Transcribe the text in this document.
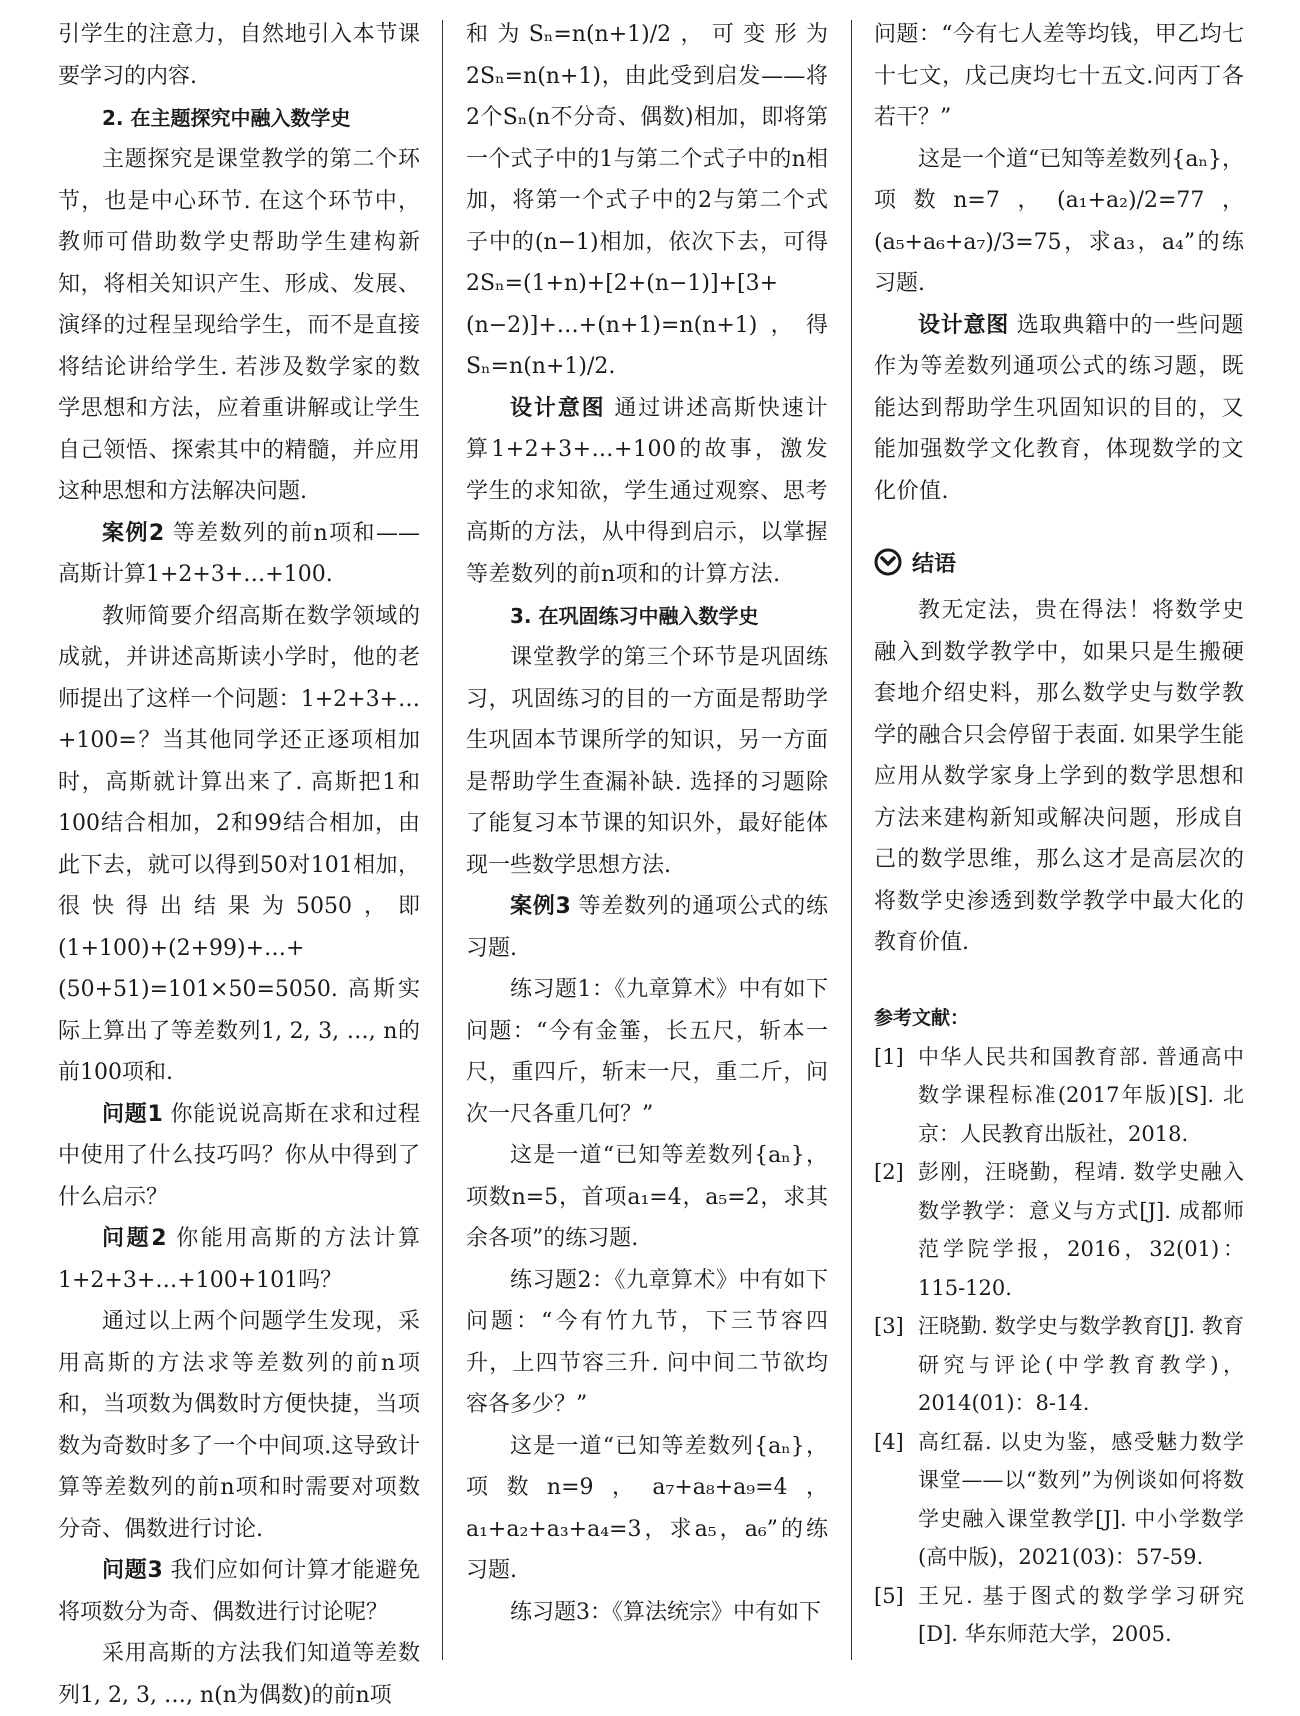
引学生的注意力，自然地引入本节课要学习的内容.

2. 在主题探究中融入数学史

主题探究是课堂教学的第二个环节，也是中心环节. 在这个环节中，教师可借助数学史帮助学生建构新知，将相关知识产生、形成、发展、演绎的过程呈现给学生，而不是直接将结论讲给学生. 若涉及数学家的数学思想和方法，应着重讲解或让学生自己领悟、探索其中的精髓，并应用这种思想和方法解决问题.

案例2 等差数列的前n项和——高斯计算1+2+3+…+100.

教师简要介绍高斯在数学领域的成就，并讲述高斯读小学时，他的老师提出了这样一个问题：1+2+3+…+100=？当其他同学还正逐项相加时，高斯就计算出来了. 高斯把1和100结合相加，2和99结合相加，由此下去，就可以得到50对101相加，很快得出结果为5050，即(1+100)+(2+99)+…+(50+51)=101×50=5050. 高斯实际上算出了等差数列1, 2, 3, …, n的前100项和.

问题1 你能说说高斯在求和过程中使用了什么技巧吗？你从中得到了什么启示？

问题2 你能用高斯的方法计算1+2+3+…+100+101吗？

通过以上两个问题学生发现，采用高斯的方法求等差数列的前n项和，当项数为偶数时方便快捷，当项数为奇数时多了一个中间项.这导致计算等差数列的前n项和时需要对项数分奇、偶数进行讨论.

问题3 我们应如何计算才能避免将项数分为奇、偶数进行讨论呢？

采用高斯的方法我们知道等差数列1, 2, 3, …, n(n为偶数)的前n项

和为Sₙ=n(n+1)/2，可变形为2Sₙ=n(n+1)，由此受到启发——将2个Sₙ(n不分奇、偶数)相加，即将第一个式子中的1与第二个式子中的n相加，将第一个式子中的2与第二个式子中的(n−1)相加，依次下去，可得2Sₙ=(1+n)+[2+(n−1)]+[3+(n−2)]+…+(n+1)=n(n+1)，得Sₙ=n(n+1)/2.

设计意图 通过讲述高斯快速计算1+2+3+…+100的故事，激发学生的求知欲，学生通过观察、思考高斯的方法，从中得到启示，以掌握等差数列的前n项和的计算方法.

3. 在巩固练习中融入数学史

课堂教学的第三个环节是巩固练习，巩固练习的目的一方面是帮助学生巩固本节课所学的知识，另一方面是帮助学生查漏补缺. 选择的习题除了能复习本节课的知识外，最好能体现一些数学思想方法.

案例3 等差数列的通项公式的练习题.

练习题1：《九章算术》中有如下问题：“今有金箠，长五尺，斩本一尺，重四斤，斩末一尺，重二斤，问次一尺各重几何？”

这是一道“已知等差数列{aₙ}，项数n=5，首项a₁=4，a₅=2，求其余各项”的练习题.

练习题2：《九章算术》中有如下问题：“今有竹九节，下三节容四升，上四节容三升. 问中间二节欲均容各多少？”

这是一道“已知等差数列{aₙ}，项数n=9，a₇+a₈+a₉=4，a₁+a₂+a₃+a₄=3，求a₅，a₆”的练习题.

练习题3：《算法统宗》中有如下

问题：“今有七人差等均钱，甲乙均七十七文，戊己庚均七十五文.问丙丁各若干？”

这是一个道“已知等差数列{aₙ}，项数n=7，(a₁+a₂)/2=77，(a₅+a₆+a₇)/3=75，求a₃，a₄”的练习题.

设计意图 选取典籍中的一些问题作为等差数列通项公式的练习题，既能达到帮助学生巩固知识的目的，又能加强数学文化教育，体现数学的文化价值.

结语

教无定法，贵在得法！将数学史融入到数学教学中，如果只是生搬硬套地介绍史料，那么数学史与数学教学的融合只会停留于表面. 如果学生能应用从数学家身上学到的数学思想和方法来建构新知或解决问题，形成自己的数学思维，那么这才是高层次的将数学史渗透到数学教学中最大化的教育价值.

参考文献：
[1] 中华人民共和国教育部. 普通高中数学课程标准(2017年版)[S]. 北京：人民教育出版社，2018.
[2] 彭刚，汪晓勤，程靖. 数学史融入数学教学：意义与方式[J]. 成都师范学院学报，2016，32(01)：115-120.
[3] 汪晓勤. 数学史与数学教育[J]. 教育研究与评论(中学教育教学)，2014(01)：8-14.
[4] 高红磊. 以史为鉴，感受魅力数学课堂——以“数列”为例谈如何将数学史融入课堂教学[J]. 中小学数学(高中版)，2021(03)：57-59.
[5] 王兄. 基于图式的数学学习研究[D]. 华东师范大学，2005.
